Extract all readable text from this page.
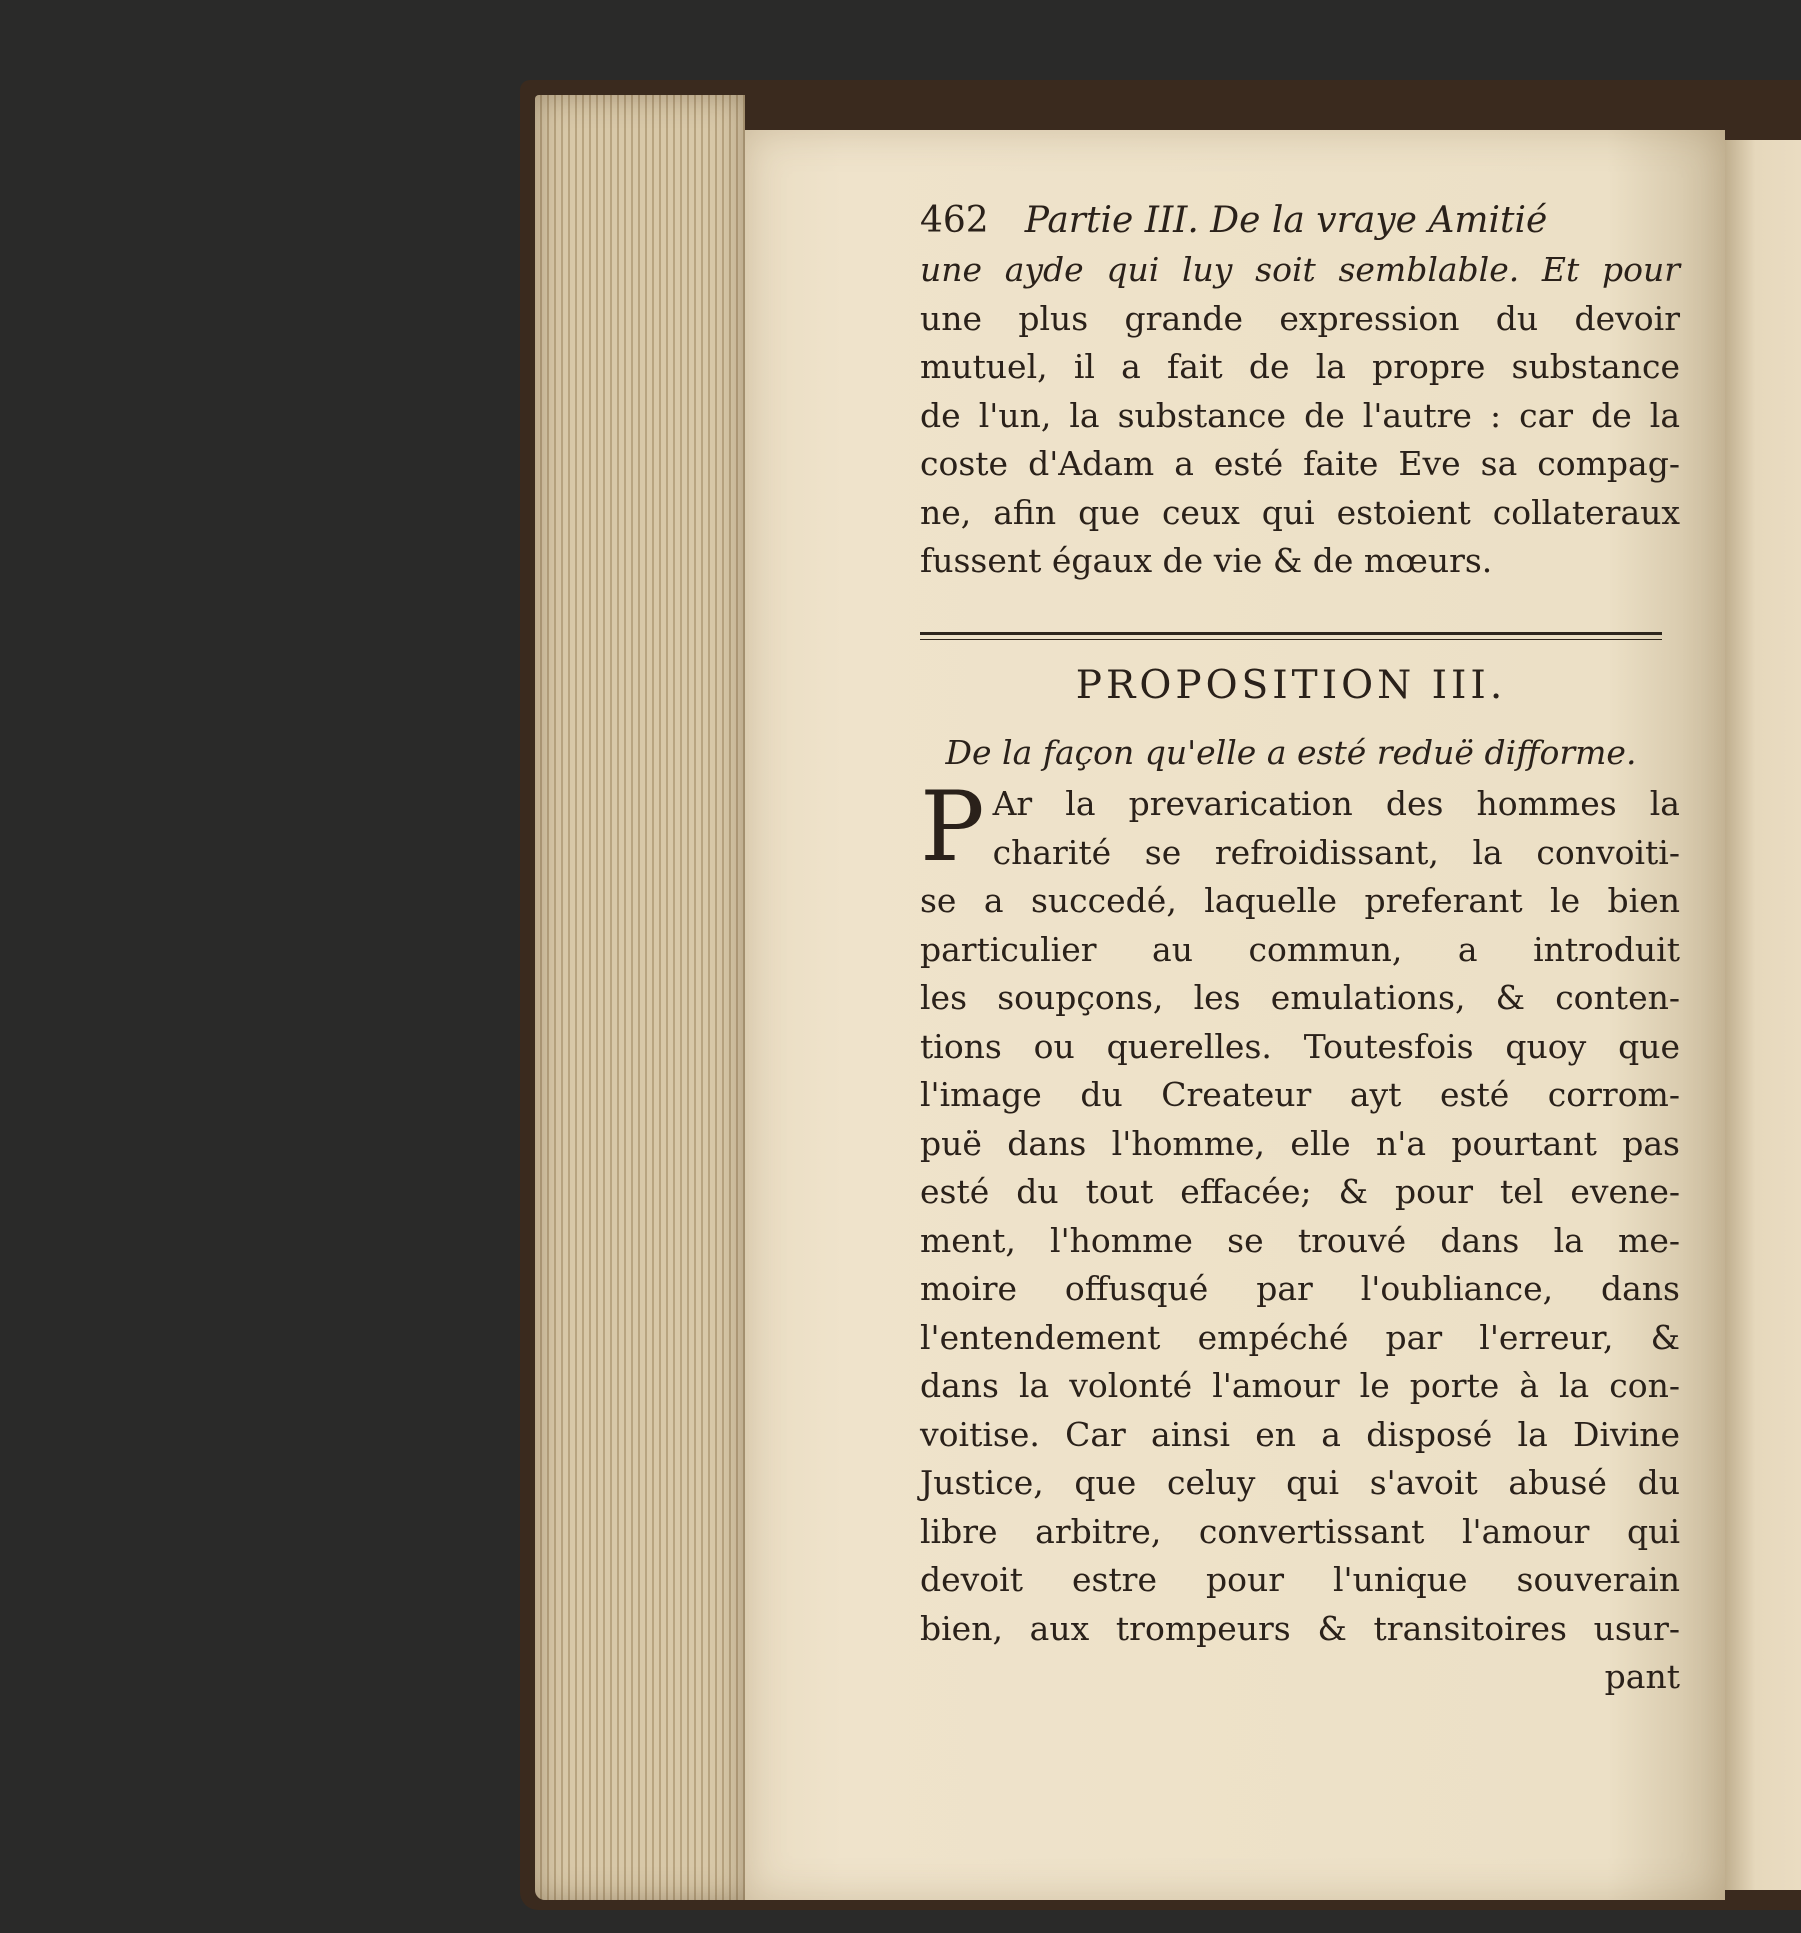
462 Partie III. De la vraye Amitié
une ayde qui luy soit semblable. Et pour
une plus grande expression du devoir
mutuel, il a fait de la propre substance
de l'un, la substance de l'autre : car de la
coste d'Adam a esté faite Eve sa compag-
ne, afin que ceux qui estoient collateraux
fussent égaux de vie & de mœurs.
PROPOSITION III.
De la façon qu'elle a esté reduë difforme.
P Ar la prevarication des hommes la
charité se refroidissant, la convoiti-
se a succedé, laquelle preferant le bien
particulier au commun, a introduit
les soupçons, les emulations, & conten-
tions ou querelles. Toutesfois quoy que
l'image du Createur ayt esté corrom-
puë dans l'homme, elle n'a pourtant pas
esté du tout effacée; & pour tel evene-
ment, l'homme se trouvé dans la me-
moire offusqué par l'oubliance, dans
l'entendement empéché par l'erreur, &
dans la volonté l'amour le porte à la con-
voitise. Car ainsi en a disposé la Divine
Justice, que celuy qui s'avoit abusé du
libre arbitre, convertissant l'amour qui
devoit estre pour l'unique souverain
bien, aux trompeurs & transitoires usur-
pant
